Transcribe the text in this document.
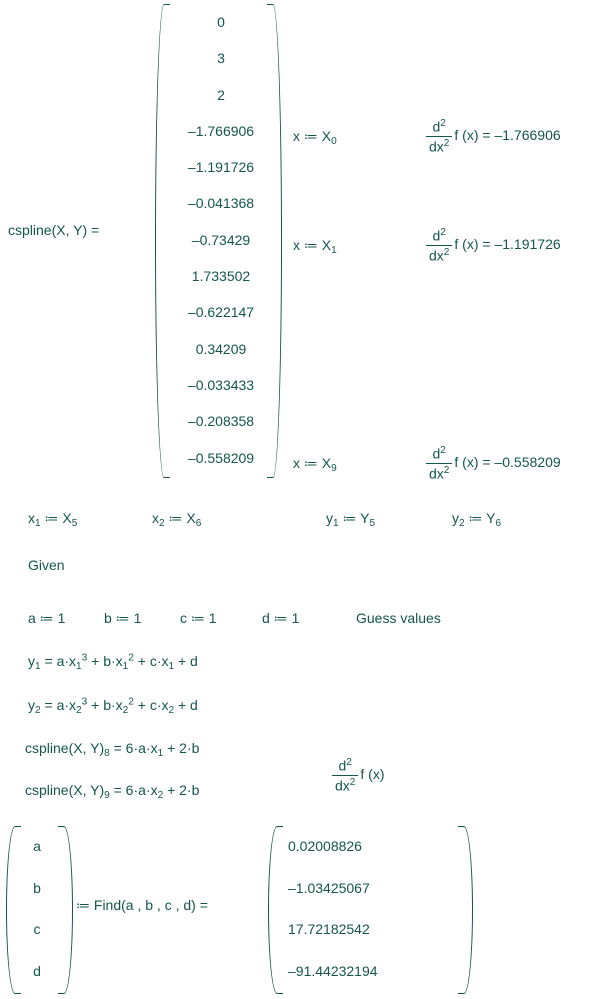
cspline(X, Y) =
0
3
2
–1.766906
–1.191726
–0.041368
–0.73429
1.733502
–0.622147
0.34209
–0.033433
–0.208358
–0.558209
x ≔ $X_0$	$\frac{d^2}{dx^2}$ f (x) = –1.766906
x ≔ $X_1$	$\frac{d^2}{dx^2}$ f (x) = –1.191726
x ≔ $X_9$	$\frac{d^2}{dx^2}$ f (x) = –0.558209
$x_1$ ≔ $X_5$	$x_2$ ≔ $X_6$	$y_1$ ≔ $Y_5$	$y_2$ ≔ $Y_6$
Given
a ≔ 1	b ≔ 1	c ≔ 1	d ≔ 1	Guess values
$y_1 = a\cdot x_1^3 + b\cdot x_1^2 + c\cdot x_1 + d$
$y_2 = a\cdot x_2^3 + b\cdot x_2^2 + c\cdot x_2 + d$
cspline(X, $Y)_8 = 6\cdot a\cdot x_1 + 2\cdot b$
cspline(X, $Y)_9 = 6\cdot a\cdot x_2 + 2\cdot b$	$\frac{d^2}{dx^2}$ f (x)
a
b
c
d
≔ Find(a , b , c , d) =
0.02008826
–1.03425067
17.72182542
–91.44232194
